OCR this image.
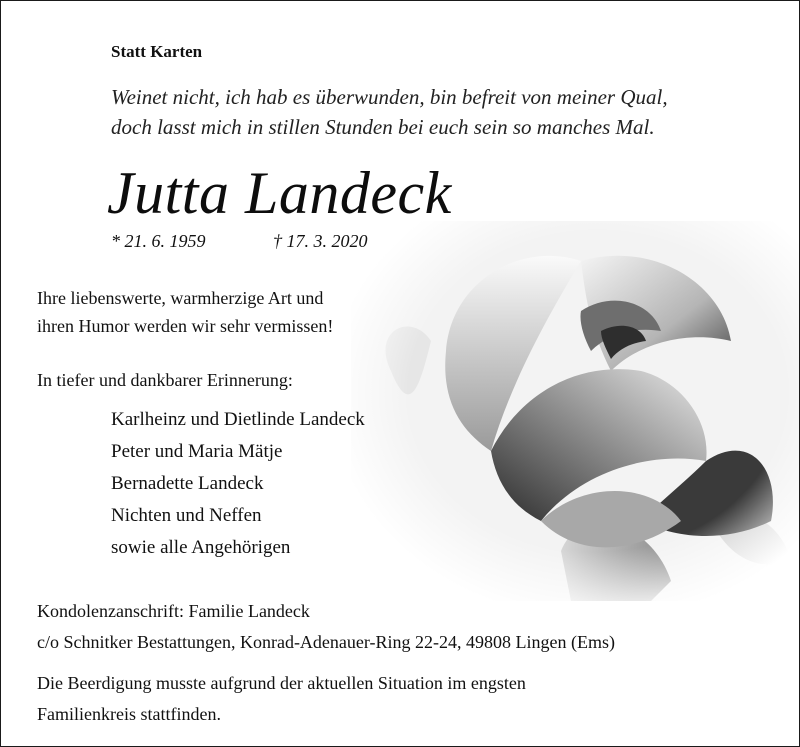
Statt Karten
Weinet nicht, ich hab es überwunden, bin befreit von meiner Qual,
doch lasst mich in stillen Stunden bei euch sein so manches Mal.
Jutta Landeck
* 21. 6. 1959	† 17. 3. 2020
Ihre liebenswerte, warmherzige Art und
ihren Humor werden wir sehr vermissen!
In tiefer und dankbarer Erinnerung:
Karlheinz und Dietlinde Landeck
Peter und Maria Mätje
Bernadette Landeck
Nichten und Neffen
sowie alle Angehörigen
Kondolenzanschrift: Familie Landeck
c/o Schnitker Bestattungen, Konrad-Adenauer-Ring 22-24, 49808 Lingen (Ems)
Die Beerdigung musste aufgrund der aktuellen Situation im engsten
Familienkreis stattfinden.
